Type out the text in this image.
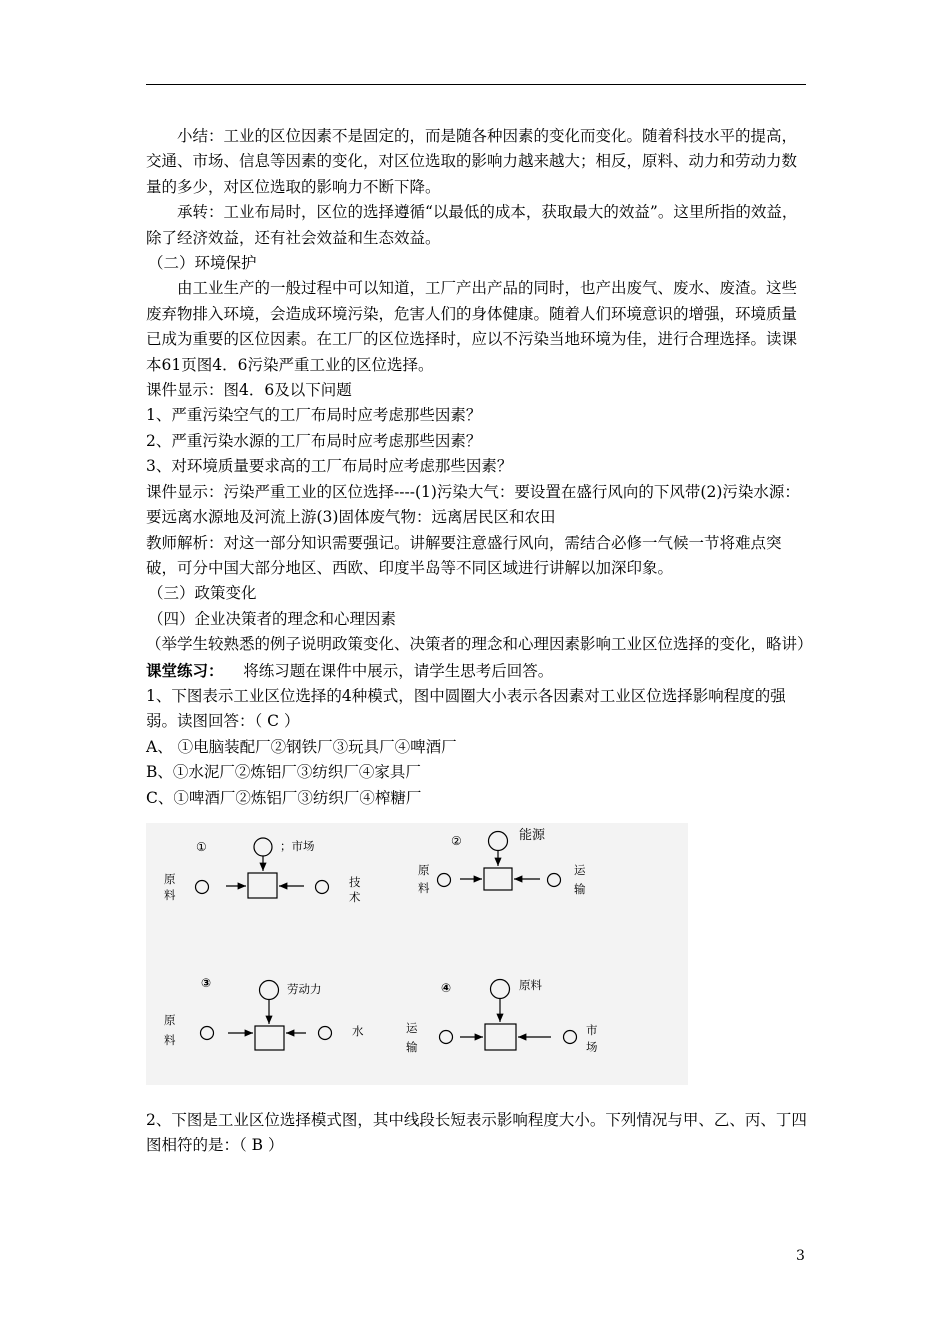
小结：工业的区位因素不是固定的，而是随各种因素的变化而变化。随着科技水平的提高，交通、市场、信息等因素的变化，对区位选取的影响力越来越大；相反，原料、动力和劳动力数量的多少，对区位选取的影响力不断下降。

承转：工业布局时，区位的选择遵循“以最低的成本，获取最大的效益”。这里所指的效益，除了经济效益，还有社会效益和生态效益。

（二）环境保护

由工业生产的一般过程中可以知道，工厂产出产品的同时，也产出废气、废水、废渣。这些废弃物排入环境，会造成环境污染，危害人们的身体健康。随着人们环境意识的增强，环境质量已成为重要的区位因素。在工厂的区位选择时，应以不污染当地环境为佳，进行合理选择。读课本61页图4．6污染严重工业的区位选择。

课件显示：图4．6及以下问题

1、严重污染空气的工厂布局时应考虑那些因素？

2、严重污染水源的工厂布局时应考虑那些因素？

3、对环境质量要求高的工厂布局时应考虑那些因素？

课件显示：污染严重工业的区位选择----(1)污染大气：要设置在盛行风向的下风带(2)污染水源：要远离水源地及河流上游(3)固体废气物：远离居民区和农田

教师解析：对这一部分知识需要强记。讲解要注意盛行风向，需结合必修一气候一节将难点突破，可分中国大部分地区、西欧、印度半岛等不同区域进行讲解以加深印象。

（三）政策变化

（四）企业决策者的理念和心理因素

（举学生较熟悉的例子说明政策变化、决策者的理念和心理因素影响工业区位选择的变化，略讲）

课堂练习： 将练习题在课件中展示，请学生思考后回答。

1、下图表示工业区位选择的4种模式，图中圆圈大小表示各因素对工业区位选择影响程度的强弱。读图回答：（ C ）

A、 ①电脑装配厂②钢铁厂③玩具厂④啤酒厂

B、①水泥厂②炼铝厂③纺织厂④家具厂

C、①啤酒厂②炼铝厂③纺织厂④榨糖厂

①	；市场
原料
技术
②	能源
原料
运输
③	劳动力
原料
水
④	原料
运输
市场
2、下图是工业区位选择模式图，其中线段长短表示影响程度大小。下列情况与甲、乙、丙、丁四图相符的是：（ B ）
3
